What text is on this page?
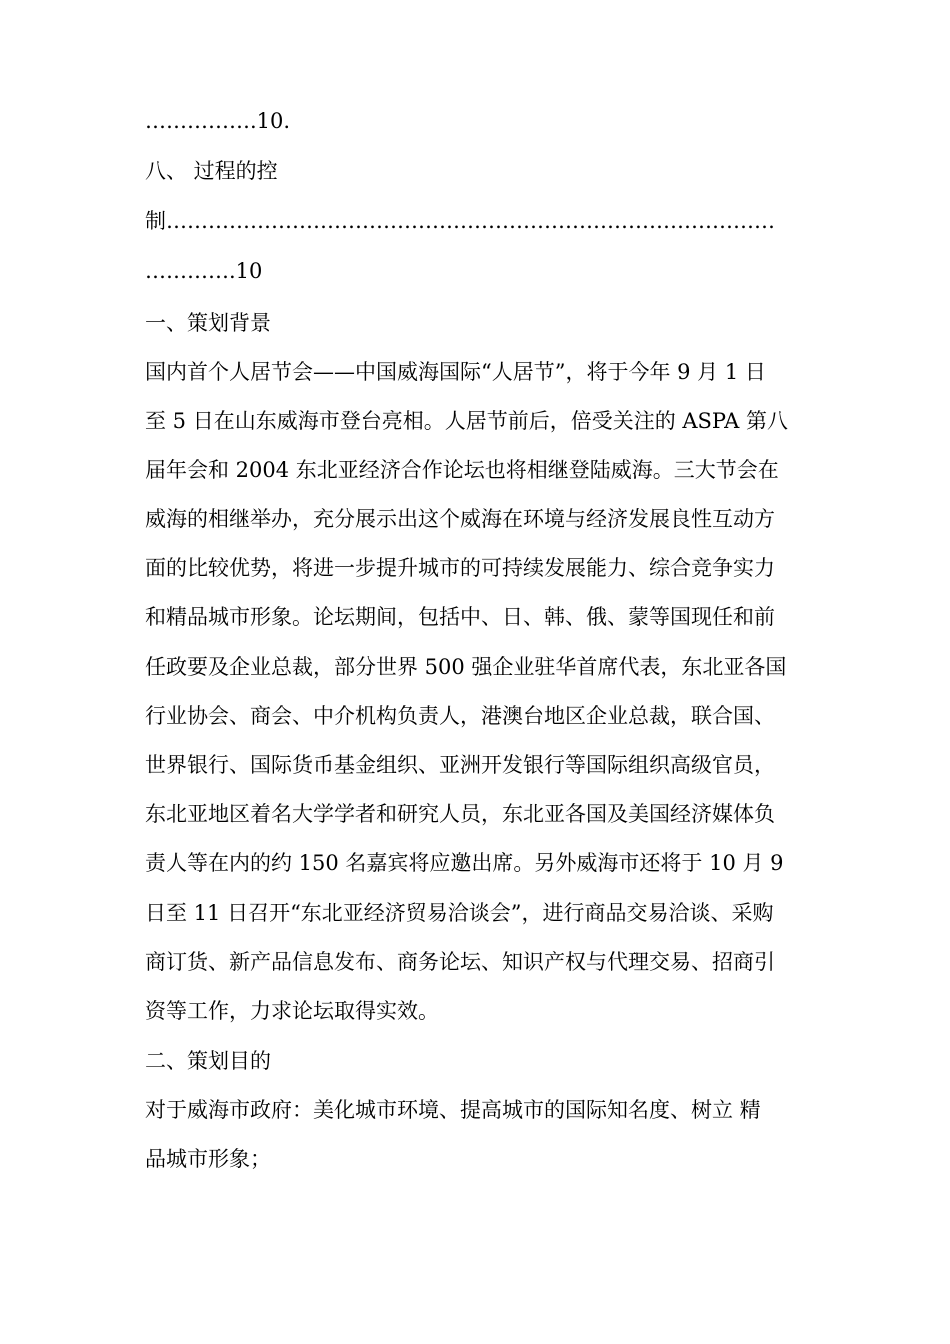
…………….10.
八、 过程的控
制……………………………………………………………………………
………….10
一、策划背景
国内首个人居节会——中国威海国际“人居节”，将于今年 9 月 1 日
至 5 日在山东威海市登台亮相。人居节前后，倍受关注的 ASPA 第八
届年会和 2004 东北亚经济合作论坛也将相继登陆威海。三大节会在
威海的相继举办，充分展示出这个威海在环境与经济发展良性互动方
面的比较优势，将进一步提升城市的可持续发展能力、综合竞争实力
和精品城市形象。论坛期间，包括中、日、韩、俄、蒙等国现任和前
任政要及企业总裁，部分世界 500 强企业驻华首席代表，东北亚各国
行业协会、商会、中介机构负责人，港澳台地区企业总裁，联合国、
世界银行、国际货币基金组织、亚洲开发银行等国际组织高级官员，
东北亚地区着名大学学者和研究人员，东北亚各国及美国经济媒体负
责人等在内的约 150 名嘉宾将应邀出席。另外威海市还将于 10 月 9
日至 11 日召开“东北亚经济贸易洽谈会”，进行商品交易洽谈、采购
商订货、新产品信息发布、商务论坛、知识产权与代理交易、招商引
资等工作，力求论坛取得实效。
二、策划目的
对于威海市政府：美化城市环境、提高城市的国际知名度、树立 精
品城市形象；
